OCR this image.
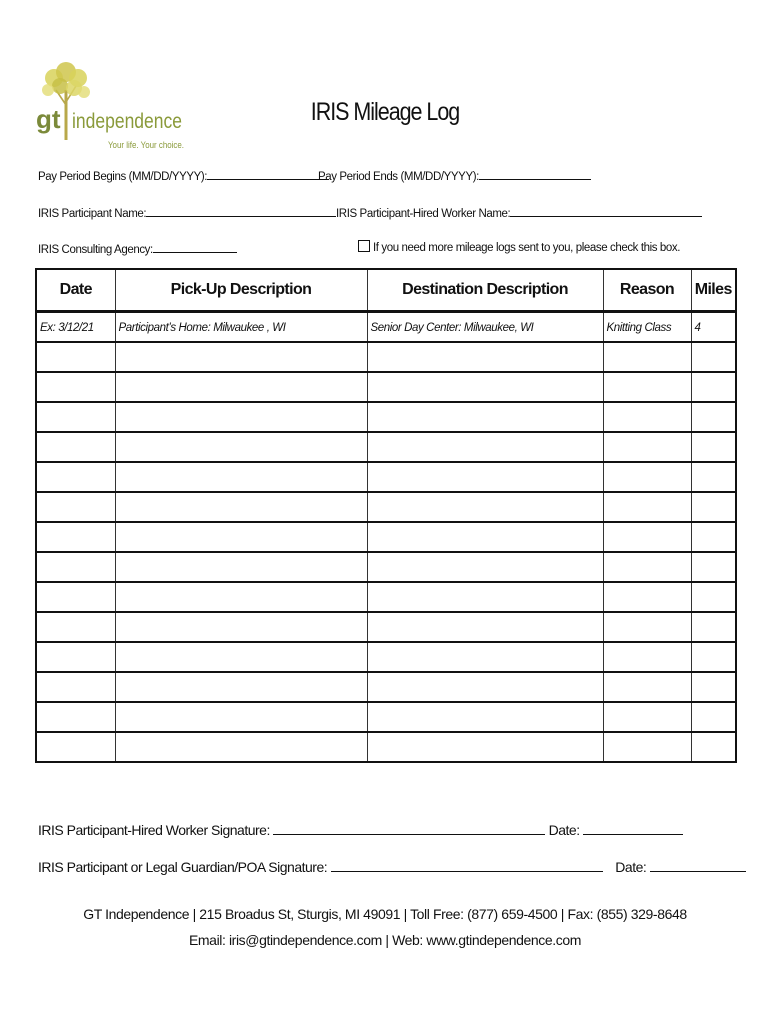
gt independence
Your life. Your choice.
IRIS Mileage Log
Pay Period Begins (MM/DD/YYYY):	Pay Period Ends (MM/DD/YYYY):
IRIS Participant Name:	IRIS Participant-Hired Worker Name:
IRIS Consulting Agency:	If you need more mileage logs sent to you, please check this box.
Date	Pick-Up Description	Destination Description	Reason	Miles
Ex: 3/12/21	Participant’s Home: Milwaukee , WI	Senior Day Center: Milwaukee, WI	Knitting Class	4

IRIS Participant-Hired Worker Signature:	Date:
IRIS Participant or Legal Guardian/POA Signature:	Date:
GT Independence | 215 Broadus St, Sturgis, MI 49091 | Toll Free: (877) 659-4500 | Fax: (855) 329-8648
Email: iris@gtindependence.com | Web: www.gtindependence.com
